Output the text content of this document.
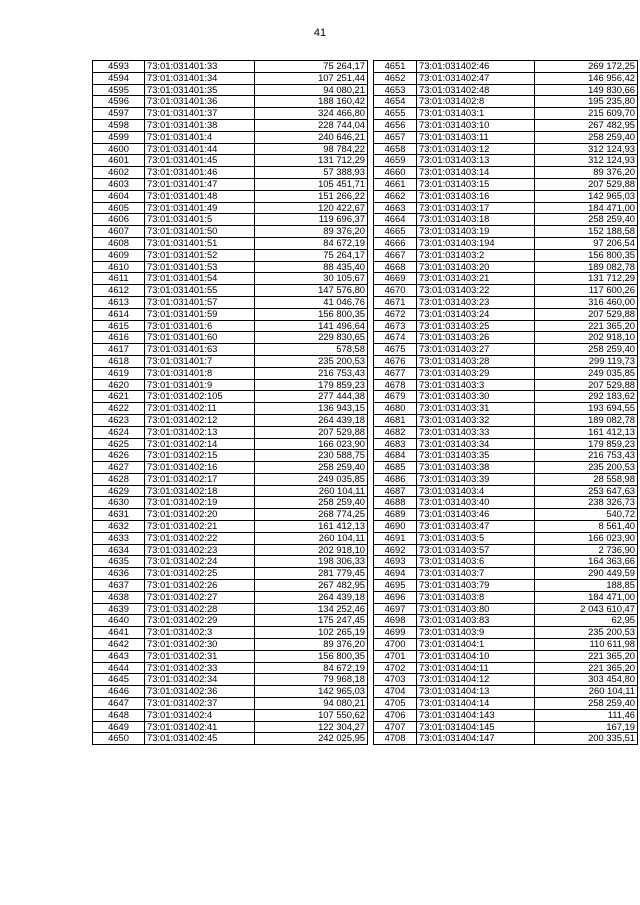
41
4593	73:01:031401:33	75 264,17
4594	73:01:031401:34	107 251,44
4595	73:01:031401:35	94 080,21
4596	73:01:031401:36	188 160,42
4597	73:01:031401:37	324 466,80
4598	73:01:031401:38	228 744,04
4599	73:01:031401:4	240 646,21
4600	73:01:031401:44	98 784,22
4601	73:01:031401:45	131 712,29
4602	73:01:031401:46	57 388,93
4603	73:01:031401:47	105 451,71
4604	73:01:031401:48	151 266,22
4605	73:01:031401:49	120 422,67
4606	73:01:031401:5	119 696,37
4607	73:01:031401:50	89 376,20
4608	73:01:031401:51	84 672,19
4609	73:01:031401:52	75 264,17
4610	73:01:031401:53	88 435,40
4611	73:01:031401:54	30 105,67
4612	73:01:031401:55	147 576,80
4613	73:01:031401:57	41 046,76
4614	73:01:031401:59	156 800,35
4615	73:01:031401:6	141 496,64
4616	73:01:031401:60	229 830,65
4617	73:01:031401:63	578,58
4618	73:01:031401:7	235 200,53
4619	73:01:031401:8	216 753,43
4620	73:01:031401:9	179 859,23
4621	73:01:031402:105	277 444,38
4622	73:01:031402:11	136 943,15
4623	73:01:031402:12	264 439,18
4624	73:01:031402:13	207 529,88
4625	73:01:031402:14	166 023,90
4626	73:01:031402:15	230 588,75
4627	73:01:031402:16	258 259,40
4628	73:01:031402:17	249 035,85
4629	73:01:031402:18	260 104,11
4630	73:01:031402:19	258 259,40
4631	73:01:031402:20	268 774,25
4632	73:01:031402:21	161 412,13
4633	73:01:031402:22	260 104,11
4634	73:01:031402:23	202 918,10
4635	73:01:031402:24	198 306,33
4636	73:01:031402:25	281 779,45
4637	73:01:031402:26	267 482,95
4638	73:01:031402:27	264 439,18
4639	73:01:031402:28	134 252,46
4640	73:01:031402:29	175 247,45
4641	73:01:031402:3	102 265,19
4642	73:01:031402:30	89 376,20
4643	73:01:031402:31	156 800,35
4644	73:01:031402:33	84 672,19
4645	73:01:031402:34	79 968,18
4646	73:01:031402:36	142 965,03
4647	73:01:031402:37	94 080,21
4648	73:01:031402:4	107 550,62
4649	73:01:031402:41	122 304,27
4650	73:01:031402:45	242 025,95
4651	73:01:031402:46	269 172,25
4652	73:01:031402:47	146 956,42
4653	73:01:031402:48	149 830,66
4654	73:01:031402:8	195 235,80
4655	73:01:031403:1	215 609,70
4656	73:01:031403:10	267 482,95
4657	73:01:031403:11	258 259,40
4658	73:01:031403:12	312 124,93
4659	73:01:031403:13	312 124,93
4660	73:01:031403:14	89 376,20
4661	73:01:031403:15	207 529,88
4662	73:01:031403:16	142 965,03
4663	73:01:031403:17	184 471,00
4664	73:01:031403:18	258 259,40
4665	73:01:031403:19	152 188,58
4666	73:01:031403:194	97 206,54
4667	73:01:031403:2	156 800,35
4668	73:01:031403:20	189 082,78
4669	73:01:031403:21	131 712,29
4670	73:01:031403:22	117 600,26
4671	73:01:031403:23	316 460,00
4672	73:01:031403:24	207 529,88
4673	73:01:031403:25	221 365,20
4674	73:01:031403:26	202 918,10
4675	73:01:031403:27	258 259,40
4676	73:01:031403:28	299 119,73
4677	73:01:031403:29	249 035,85
4678	73:01:031403:3	207 529,88
4679	73:01:031403:30	292 183,62
4680	73:01:031403:31	193 694,55
4681	73:01:031403:32	189 082,78
4682	73:01:031403:33	161 412,13
4683	73:01:031403:34	179 859,23
4684	73:01:031403:35	216 753,43
4685	73:01:031403:38	235 200,53
4686	73:01:031403:39	28 558,98
4687	73:01:031403:4	253 647,63
4688	73:01:031403:40	238 326,73
4689	73:01:031403:46	540,72
4690	73:01:031403:47	8 561,40
4691	73:01:031403:5	166 023,90
4692	73:01:031403:57	2 736,90
4693	73:01:031403:6	164 363,66
4694	73:01:031403:7	290 449,59
4695	73:01:031403:79	188,85
4696	73:01:031403:8	184 471,00
4697	73:01:031403:80	2 043 610,47
4698	73:01:031403:83	62,95
4699	73:01:031403:9	235 200,53
4700	73:01:031404:1	110 611,98
4701	73:01:031404:10	221 365,20
4702	73:01:031404:11	221 365,20
4703	73:01:031404:12	303 454,80
4704	73:01:031404:13	260 104,11
4705	73:01:031404:14	258 259,40
4706	73:01:031404:143	111,46
4707	73:01:031404:145	167,19
4708	73:01:031404:147	200 335,51
